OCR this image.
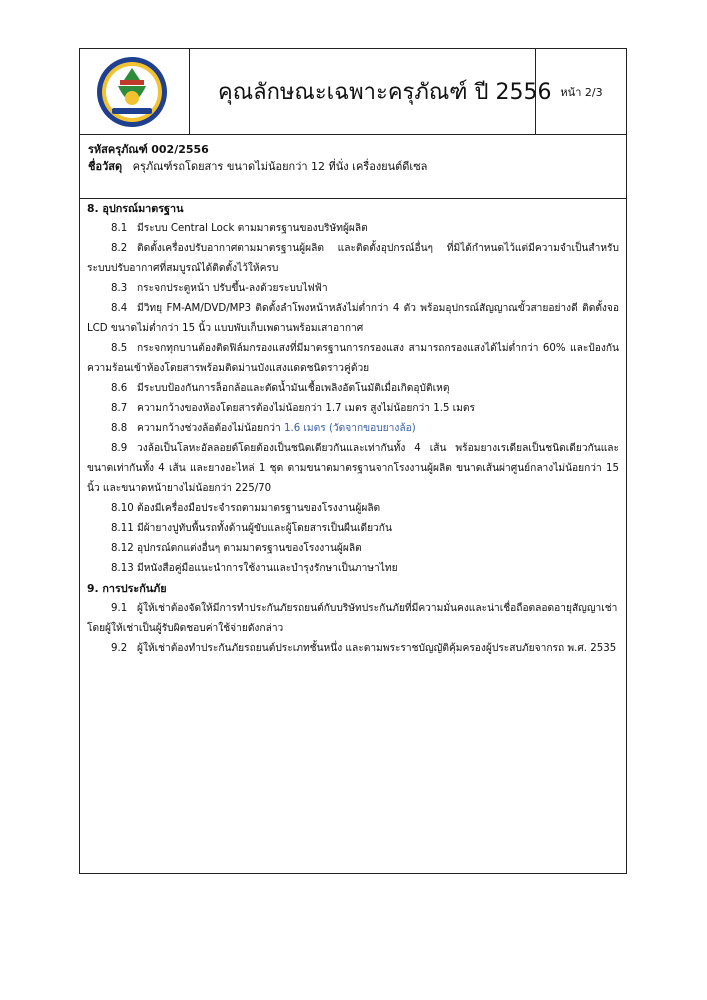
คุณลักษณะเฉพาะครุภัณฑ์ ปี 2556 หน้า 2/3

รหัสครุภัณฑ์ 002/2556

ชื่อวัสดุ ครุภัณฑ์รถโดยสาร ขนาดไม่น้อยกว่า 12 ที่นั่ง เครื่องยนต์ดีเซล

8. อุปกรณ์มาตรฐาน

8.1 มีระบบ Central Lock ตามมาตรฐานของบริษัทผู้ผลิต

8.2 ติดตั้งเครื่องปรับอากาศตามมาตรฐานผู้ผลิต และติดตั้งอุปกรณ์อื่นๆ ที่มิได้กำหนดไว้แต่มีความจำเป็นสำหรับระบบปรับอากาศที่สมบูรณ์ได้ติดตั้งไว้ให้ครบ

8.3 กระจกประตูหน้า ปรับขึ้น-ลงด้วยระบบไฟฟ้า

8.4 มีวิทยุ FM-AM/DVD/MP3 ติดตั้งลำโพงหน้าหลังไม่ต่ำกว่า 4 ตัว พร้อมอุปกรณ์สัญญาณขั้วสายอย่างดี ติดตั้งจอ LCD ขนาดไม่ต่ำกว่า 15 นิ้ว แบบพับเก็บเพดานพร้อมเสาอากาศ

8.5 กระจกทุกบานต้องติดฟิล์มกรองแสงที่มีมาตรฐานการกรองแสง สามารถกรองแสงได้ไม่ต่ำกว่า 60% และป้องกันความร้อนเข้าห้องโดยสารพร้อมติดม่านบังแสงแดดชนิดราวคู่ด้วย

8.6 มีระบบป้องกันการล็อกล้อและตัดน้ำมันเชื้อเพลิงอัตโนมัติเมื่อเกิดอุบัติเหตุ

8.7 ความกว้างของห้องโดยสารต้องไม่น้อยกว่า 1.7 เมตร สูงไม่น้อยกว่า 1.5 เมตร

8.8 ความกว้างช่วงล้อต้องไม่น้อยกว่า 1.6 เมตร (วัดจากขอบยางล้อ)

8.9 วงล้อเป็นโลหะอัลลอยด์โดยต้องเป็นชนิดเดียวกันและเท่ากันทั้ง 4 เส้น พร้อมยางเรเดียลเป็นชนิดเดียวกันและขนาดเท่ากันทั้ง 4 เส้น และยางอะไหล่ 1 ชุด ตามขนาดมาตรฐานจากโรงงานผู้ผลิต ขนาดเส้นผ่าศูนย์กลางไม่น้อยกว่า 15 นิ้ว และขนาดหน้ายางไม่น้อยกว่า 225/70

8.10 ต้องมีเครื่องมือประจำรถตามมาตรฐานของโรงงานผู้ผลิต

8.11 มีผ้ายางปูทับพื้นรถทั้งด้านผู้ขับและผู้โดยสารเป็นผืนเดียวกัน

8.12 อุปกรณ์ตกแต่งอื่นๆ ตามมาตรฐานของโรงงานผู้ผลิต

8.13 มีหนังสือคู่มือแนะนำการใช้งานและบำรุงรักษาเป็นภาษาไทย

9. การประกันภัย

9.1 ผู้ให้เช่าต้องจัดให้มีการทำประกันภัยรถยนต์กับบริษัทประกันภัยที่มีความมั่นคงและน่าเชื่อถือตลอดอายุสัญญาเช่า โดยผู้ให้เช่าเป็นผู้รับผิดชอบค่าใช้จ่ายดังกล่าว

9.2 ผู้ให้เช่าต้องทำประกันภัยรถยนต์ประเภทชั้นหนึ่ง และตามพระราชบัญญัติคุ้มครองผู้ประสบภัยจากรถ พ.ศ. 2535
